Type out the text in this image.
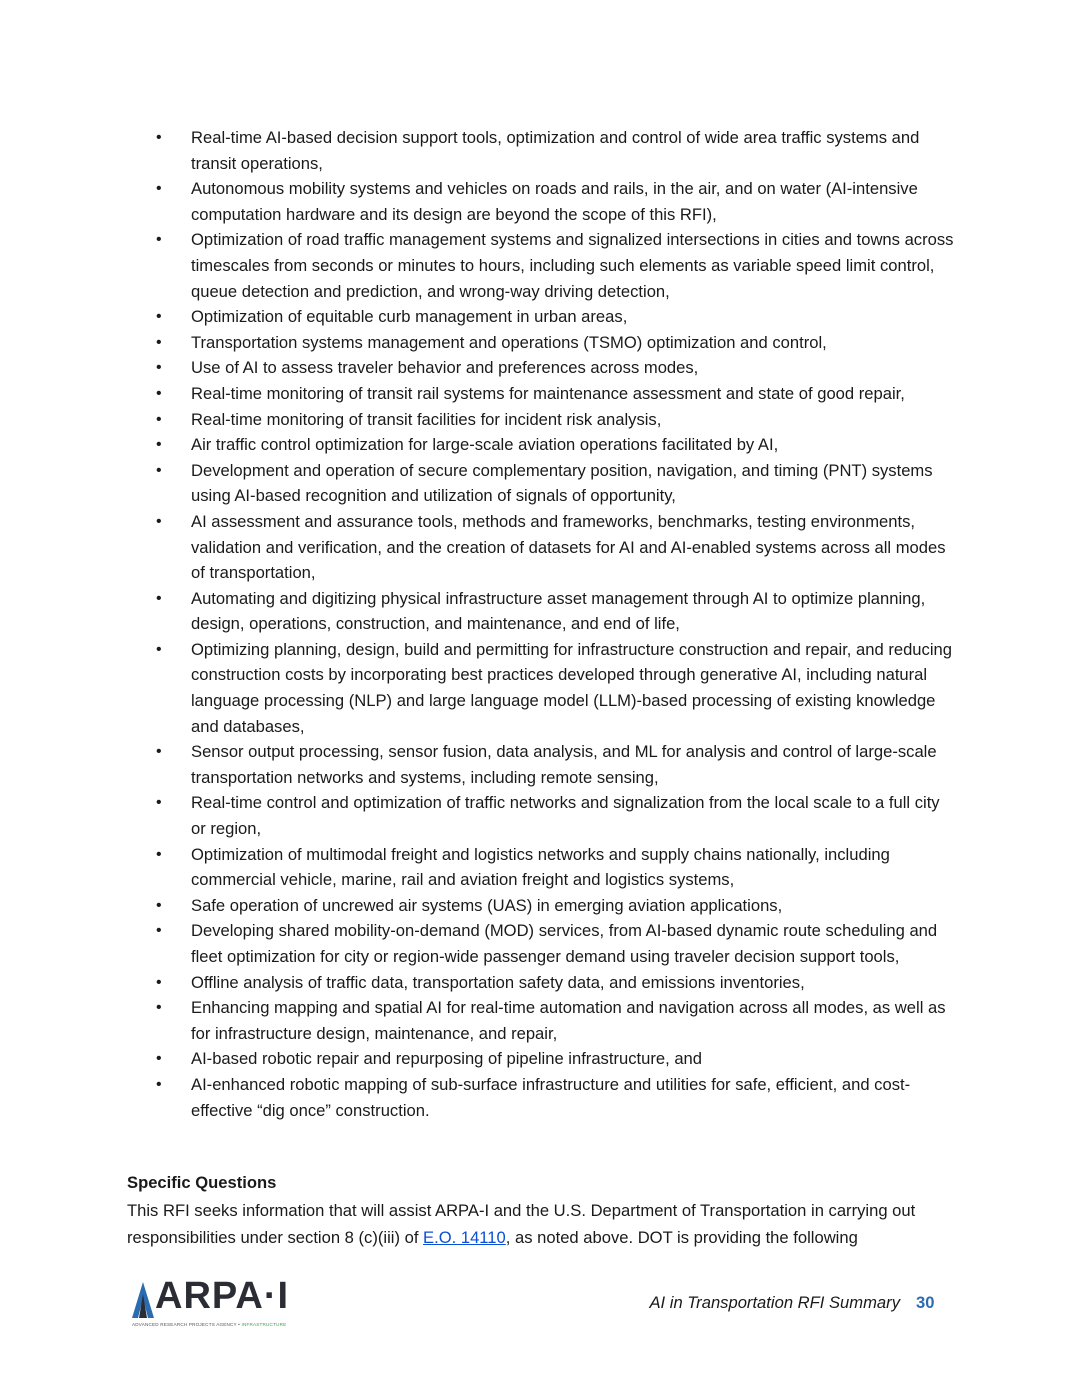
• Real-time AI-based decision support tools, optimization and control of wide area traffic systems and transit operations,
• Autonomous mobility systems and vehicles on roads and rails, in the air, and on water (AI-intensive computation hardware and its design are beyond the scope of this RFI),
• Optimization of road traffic management systems and signalized intersections in cities and towns across timescales from seconds or minutes to hours, including such elements as variable speed limit control, queue detection and prediction, and wrong-way driving detection,
• Optimization of equitable curb management in urban areas,
• Transportation systems management and operations (TSMO) optimization and control,
• Use of AI to assess traveler behavior and preferences across modes,
• Real-time monitoring of transit rail systems for maintenance assessment and state of good repair,
• Real-time monitoring of transit facilities for incident risk analysis,
• Air traffic control optimization for large-scale aviation operations facilitated by AI,
• Development and operation of secure complementary position, navigation, and timing (PNT) systems using AI-based recognition and utilization of signals of opportunity,
• AI assessment and assurance tools, methods and frameworks, benchmarks, testing environments, validation and verification, and the creation of datasets for AI and AI-enabled systems across all modes of transportation,
• Automating and digitizing physical infrastructure asset management through AI to optimize planning, design, operations, construction, and maintenance, and end of life,
• Optimizing planning, design, build and permitting for infrastructure construction and repair, and reducing construction costs by incorporating best practices developed through generative AI, including natural language processing (NLP) and large language model (LLM)-based processing of existing knowledge and databases,
• Sensor output processing, sensor fusion, data analysis, and ML for analysis and control of large-scale transportation networks and systems, including remote sensing,
• Real-time control and optimization of traffic networks and signalization from the local scale to a full city or region,
• Optimization of multimodal freight and logistics networks and supply chains nationally, including commercial vehicle, marine, rail and aviation freight and logistics systems,
• Safe operation of uncrewed air systems (UAS) in emerging aviation applications,
• Developing shared mobility-on-demand (MOD) services, from AI-based dynamic route scheduling and fleet optimization for city or region-wide passenger demand using traveler decision support tools,
• Offline analysis of traffic data, transportation safety data, and emissions inventories,
• Enhancing mapping and spatial AI for real-time automation and navigation across all modes, as well as for infrastructure design, maintenance, and repair,
• AI-based robotic repair and repurposing of pipeline infrastructure, and
• AI-enhanced robotic mapping of sub-surface infrastructure and utilities for safe, efficient, and cost-effective “dig once” construction.
Specific Questions

This RFI seeks information that will assist ARPA-I and the U.S. Department of Transportation in carrying out responsibilities under section 8 (c)(iii) of E.O. 14110, as noted above. DOT is providing the following

ARPA·I
ADVANCED RESEARCH PROJECTS AGENCY • INFRASTRUCTURE
AI in Transportation RFI Summary 30
